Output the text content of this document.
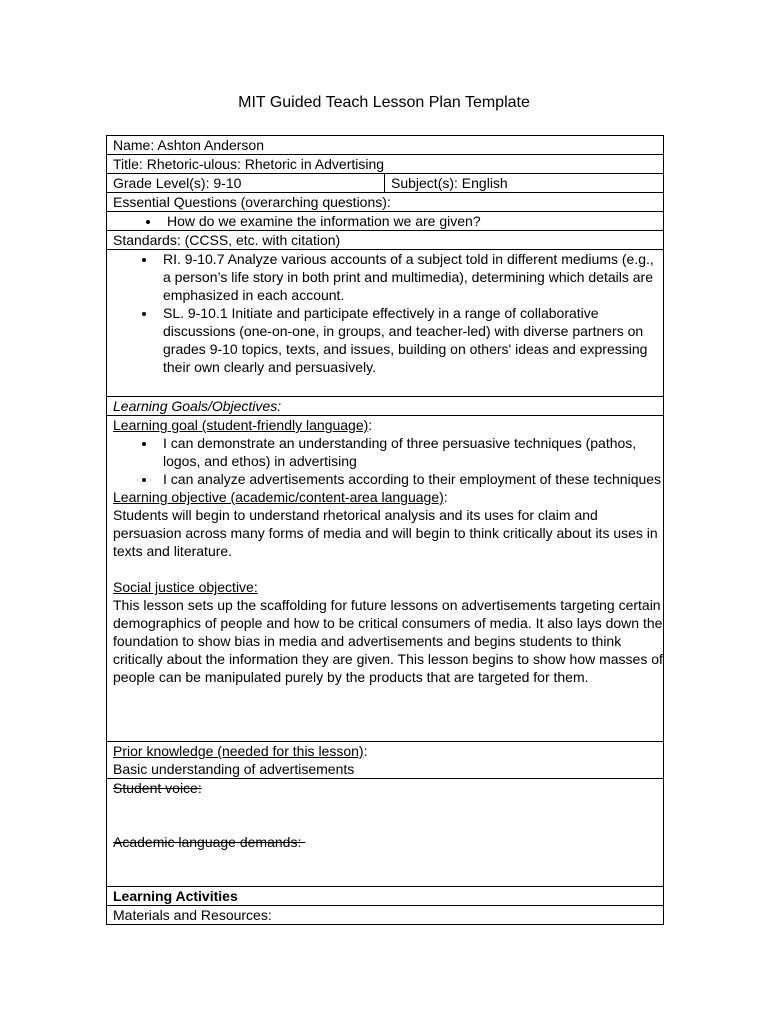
MIT Guided Teach Lesson Plan Template
Name: Ashton Anderson
Title: Rhetoric-ulous: Rhetoric in Advertising
Grade Level(s): 9-10	Subject(s): English
Essential Questions (overarching questions):
• How do we examine the information we are given?
Standards: (CCSS, etc. with citation)
• RI. 9-10.7 Analyze various accounts of a subject told in different mediums (e.g., a person’s life story in both print and multimedia), determining which details are emphasized in each account.
• SL. 9-10.1 Initiate and participate effectively in a range of collaborative discussions (one-on-one, in groups, and teacher-led) with diverse partners on grades 9-10 topics, texts, and issues, building on others' ideas and expressing their own clearly and persuasively.
Learning Goals/Objectives:
Learning goal (student-friendly language):
• I can demonstrate an understanding of three persuasive techniques (pathos, logos, and ethos) in advertising
• I can analyze advertisements according to their employment of these techniques
Learning objective (academic/content-area language):
Students will begin to understand rhetorical analysis and its uses for claim and persuasion across many forms of media and will begin to think critically about its uses in texts and literature.
Social justice objective:
This lesson sets up the scaffolding for future lessons on advertisements targeting certain demographics of people and how to be critical consumers of media. It also lays down the foundation to show bias in media and advertisements and begins students to think critically about the information they are given. This lesson begins to show how masses of people can be manipulated purely by the products that are targeted for them.
Prior knowledge (needed for this lesson):
Basic understanding of advertisements
Student voice:
Academic language demands:
Learning Activities
Materials and Resources:
